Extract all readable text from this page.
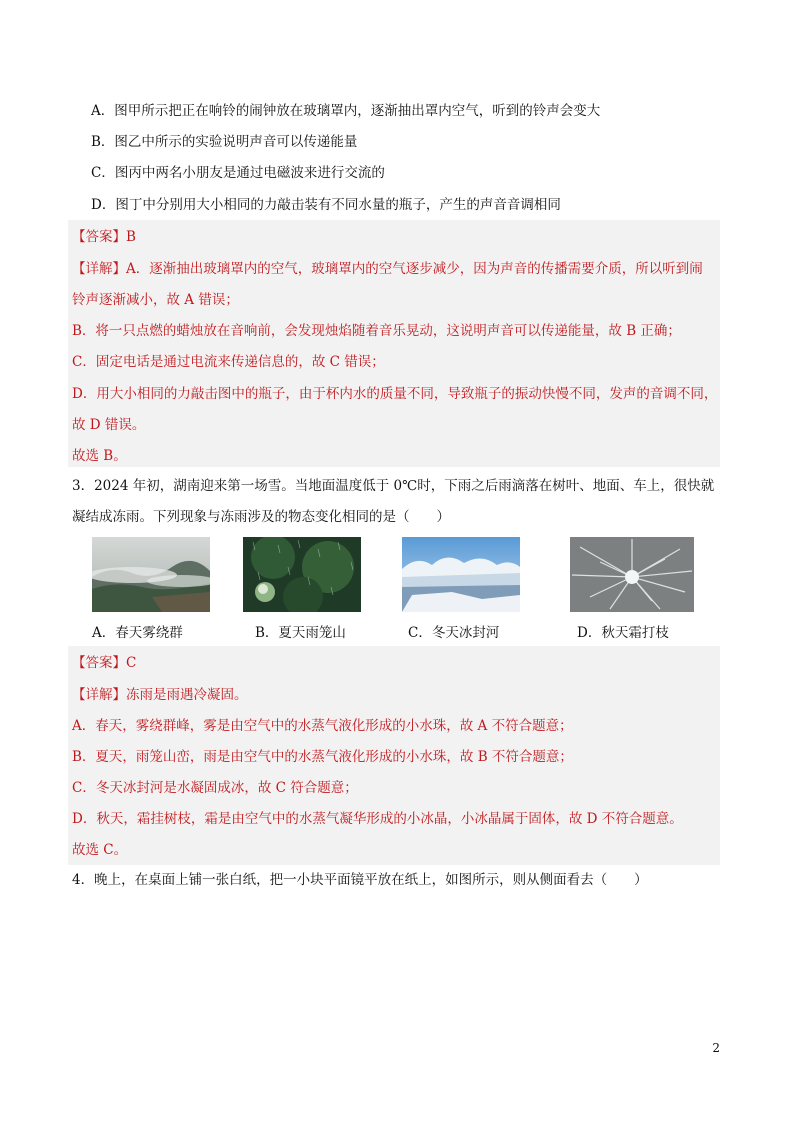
A．图甲所示把正在响铃的闹钟放在玻璃罩内，逐渐抽出罩内空气，听到的铃声会变大
B．图乙中所示的实验说明声音可以传递能量
C．图丙中两名小朋友是通过电磁波来进行交流的
D．图丁中分别用大小相同的力敲击装有不同水量的瓶子，产生的声音音调相同
【答案】B
【详解】A．逐渐抽出玻璃罩内的空气，玻璃罩内的空气逐步减少，因为声音的传播需要介质，所以听到闹
铃声逐渐减小，故 A 错误；
B．将一只点燃的蜡烛放在音响前，会发现烛焰随着音乐晃动，这说明声音可以传递能量，故 B 正确；
C．固定电话是通过电流来传递信息的，故 C 错误；
D．用大小相同的力敲击图中的瓶子，由于杯内水的质量不同，导致瓶子的振动快慢不同，发声的音调不同，
故 D 错误。
故选 B。
3．2024 年初，湖南迎来第一场雪。当地面温度低于 0℃时，下雨之后雨滴落在树叶、地面、车上，很快就
凝结成冻雨。下列现象与冻雨涉及的物态变化相同的是（　　）
A．春天雾绕群	B．夏天雨笼山	C．冬天冰封河	D．秋天霜打枝
【答案】C
【详解】冻雨是雨遇冷凝固。
A．春天，雾绕群峰，雾是由空气中的水蒸气液化形成的小水珠，故 A 不符合题意；
B．夏天，雨笼山峦，雨是由空气中的水蒸气液化形成的小水珠，故 B 不符合题意；
C．冬天冰封河是水凝固成冰，故 C 符合题意；
D．秋天，霜挂树枝，霜是由空气中的水蒸气凝华形成的小冰晶，小冰晶属于固体，故 D 不符合题意。
故选 C。
4．晚上，在桌面上铺一张白纸，把一小块平面镜平放在纸上，如图所示，则从侧面看去（　　）
2
